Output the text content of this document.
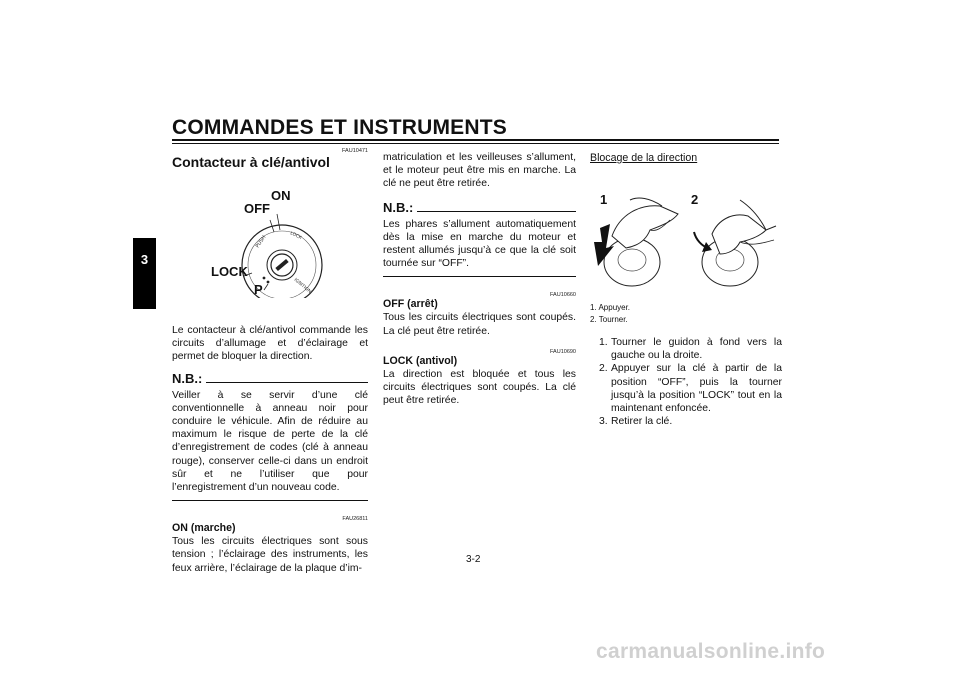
COMMANDES ET INSTRUMENTS
3
FAU10471
Contacteur à clé/antivol
PUSH	LOCK
IGNITION
ON
OFF
LOCK
P
Le contacteur à clé/antivol commande les circuits d’allumage et d’éclairage et permet de bloquer la direction.
N.B.:
Veiller à se servir d’une clé conventionnelle à anneau noir pour conduire le véhicule. Afin de réduire au maximum le risque de perte de la clé d’enregistrement de codes (clé à anneau rouge), conserver celle-ci dans un endroit sûr et ne l’utiliser que pour l’enregistrement d’un nouveau code.
FAU26811
ON (marche)
Tous les circuits électriques sont sous tension ; l’éclairage des instruments, les feux arrière, l’éclairage de la plaque d’im-
matriculation et les veilleuses s’allument, et le moteur peut être mis en marche. La clé ne peut être retirée.
N.B.:
Les phares s’allument automatiquement dès la mise en marche du moteur et restent allumés jusqu’à ce que la clé soit tournée sur “OFF”.
FAU10660
OFF (arrêt)
Tous les circuits électriques sont coupés. La clé peut être retirée.
FAU10690
LOCK (antivol)
La direction est bloquée et tous les circuits électriques sont coupés. La clé peut être retirée.
Blocage de la direction
1	2
1. Appuyer.
2. Tourner.
1. Tourner le guidon à fond vers la gauche ou la droite.
2. Appuyer sur la clé à partir de la position “OFF”, puis la tourner jusqu’à la position “LOCK” tout en la maintenant enfoncée.
3. Retirer la clé.
3-2
carmanualsonline.info
